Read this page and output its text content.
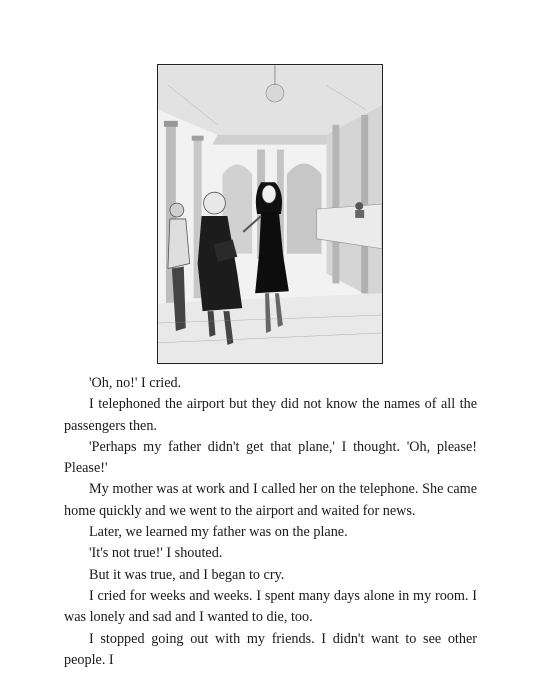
'Oh, no!' I cried.

I telephoned the airport but they did not know the names of all the passengers then.

'Perhaps my father didn't get that plane,' I thought. 'Oh, please! Please!'

My mother was at work and I called her on the telephone. She came home quickly and we went to the airport and waited for news.

Later, we learned my father was on the plane.

'It's not true!' I shouted.

But it was true, and I began to cry.

I cried for weeks and weeks. I spent many days alone in my room. I was lonely and sad and I wanted to die, too.

I stopped going out with my friends. I didn't want to see other people. I
